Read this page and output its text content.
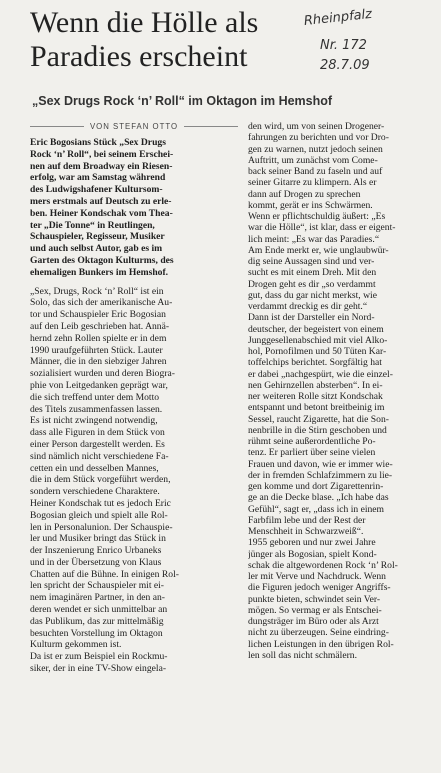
Wenn die Hölle als
Paradies erscheint
Rheinpfalz
Nr. 172
28.7.09
„Sex Drugs Rock ‘n’ Roll“ im Oktagon im Hemshof
VON STEFAN OTTO
Eric Bogosians Stück „Sex Drugs
Rock ‘n’ Roll“, bei seinem Erschei-
nen auf dem Broadway ein Riesen-
erfolg, war am Samstag während
des Ludwigshafener Kultursom-
mers erstmals auf Deutsch zu erle-
ben. Heiner Kondschak vom Thea-
ter „Die Tonne“ in Reutlingen,
Schauspieler, Regisseur, Musiker
und auch selbst Autor, gab es im
Garten des Oktagon Kulturms, des
ehemaligen Bunkers im Hemshof.
„Sex, Drugs, Rock ‘n’ Roll“ ist ein
Solo, das sich der amerikanische Au-
tor und Schauspieler Eric Bogosian
auf den Leib geschrieben hat. Annä-
hernd zehn Rollen spielte er in dem
1990 uraufgeführten Stück. Lauter
Männer, die in den siebziger Jahren
sozialisiert wurden und deren Biogra-
phie von Leitgedanken geprägt war,
die sich treffend unter dem Motto
des Titels zusammenfassen lassen.
Es ist nicht zwingend notwendig,
dass alle Figuren in dem Stück von
einer Person dargestellt werden. Es
sind nämlich nicht verschiedene Fa-
cetten ein und desselben Mannes,
die in dem Stück vorgeführt werden,
sondern verschiedene Charaktere.
Heiner Kondschak tut es jedoch Eric
Bogosian gleich und spielt alle Rol-
len in Personalunion. Der Schauspie-
ler und Musiker bringt das Stück in
der Inszenierung Enrico Urbaneks
und in der Übersetzung von Klaus
Chatten auf die Bühne. In einigen Rol-
len spricht der Schauspieler mit ei-
nem imaginären Partner, in den an-
deren wendet er sich unmittelbar an
das Publikum, das zur mittelmäßig
besuchten Vorstellung im Oktagon
Kulturm gekommen ist.
Da ist er zum Beispiel ein Rockmu-
siker, der in eine TV-Show eingela-
den wird, um von seinen Drogener-
fahrungen zu berichten und vor Dro-
gen zu warnen, nutzt jedoch seinen
Auftritt, um zunächst vom Come-
back seiner Band zu faseln und auf
seiner Gitarre zu klimpern. Als er
dann auf Drogen zu sprechen
kommt, gerät er ins Schwärmen.
Wenn er pflichtschuldig äußert: „Es
war die Hölle“, ist klar, dass er eigent-
lich meint: „Es war das Paradies.“
Am Ende merkt er, wie unglaubwür-
dig seine Aussagen sind und ver-
sucht es mit einem Dreh. Mit den
Drogen geht es dir „so verdammt
gut, dass du gar nicht merkst, wie
verdammt dreckig es dir geht.“
Dann ist der Darsteller ein Nord-
deutscher, der begeistert von einem
Junggesellenabschied mit viel Alko-
hol, Pornofilmen und 50 Tüten Kar-
toffelchips berichtet. Sorgfältig hat
er dabei „nachgespürt, wie die einzel-
nen Gehirnzellen absterben“. In ei-
ner weiteren Rolle sitzt Kondschak
entspannt und betont breitbeinig im
Sessel, raucht Zigarette, hat die Son-
nenbrille in die Stirn geschoben und
rühmt seine außerordentliche Po-
tenz. Er parliert über seine vielen
Frauen und davon, wie er immer wie-
der in fremden Schlafzimmern zu lie-
gen komme und dort Zigarettenrin-
ge an die Decke blase. „Ich habe das
Gefühl“, sagt er, „dass ich in einem
Farbfilm lebe und der Rest der
Menschheit in Schwarzweiß“.
1955 geboren und nur zwei Jahre
jünger als Bogosian, spielt Kond-
schak die altgewordenen Rock ‘n’ Rol-
ler mit Verve und Nachdruck. Wenn
die Figuren jedoch weniger Angriffs-
punkte bieten, schwindet sein Ver-
mögen. So vermag er als Entschei-
dungsträger im Büro oder als Arzt
nicht zu überzeugen. Seine eindring-
lichen Leistungen in den übrigen Rol-
len soll das nicht schmälern.
